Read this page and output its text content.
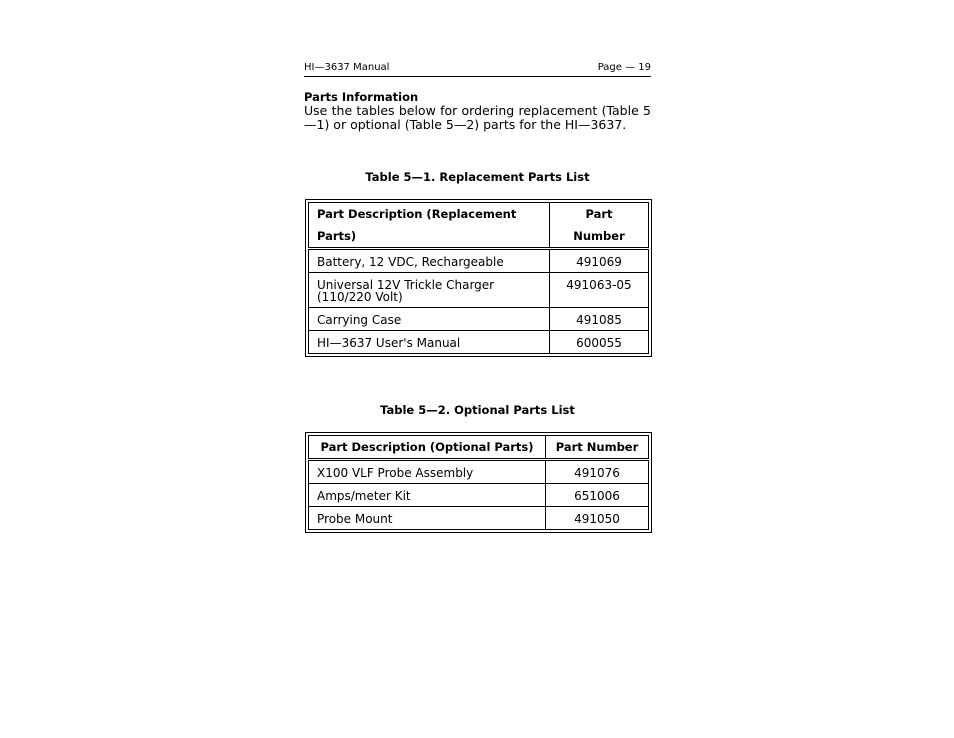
HI—3637 Manual	Page — 19
Parts Information

Use the tables below for ordering replacement (Table 5—1) or optional (Table 5—2) parts for the HI—3637.

Table 5—1. Replacement Parts List
Part Description (Replacement Parts)	Part Number
Battery, 12 VDC, Rechargeable	491069
Universal 12V Trickle Charger (110/220 Volt)	491063-05
Carrying Case	491085
HI—3637 User's Manual	600055
Table 5—2. Optional Parts List
Part Description (Optional Parts)	Part Number
X100 VLF Probe Assembly	491076
Amps/meter Kit	651006
Probe Mount	491050
